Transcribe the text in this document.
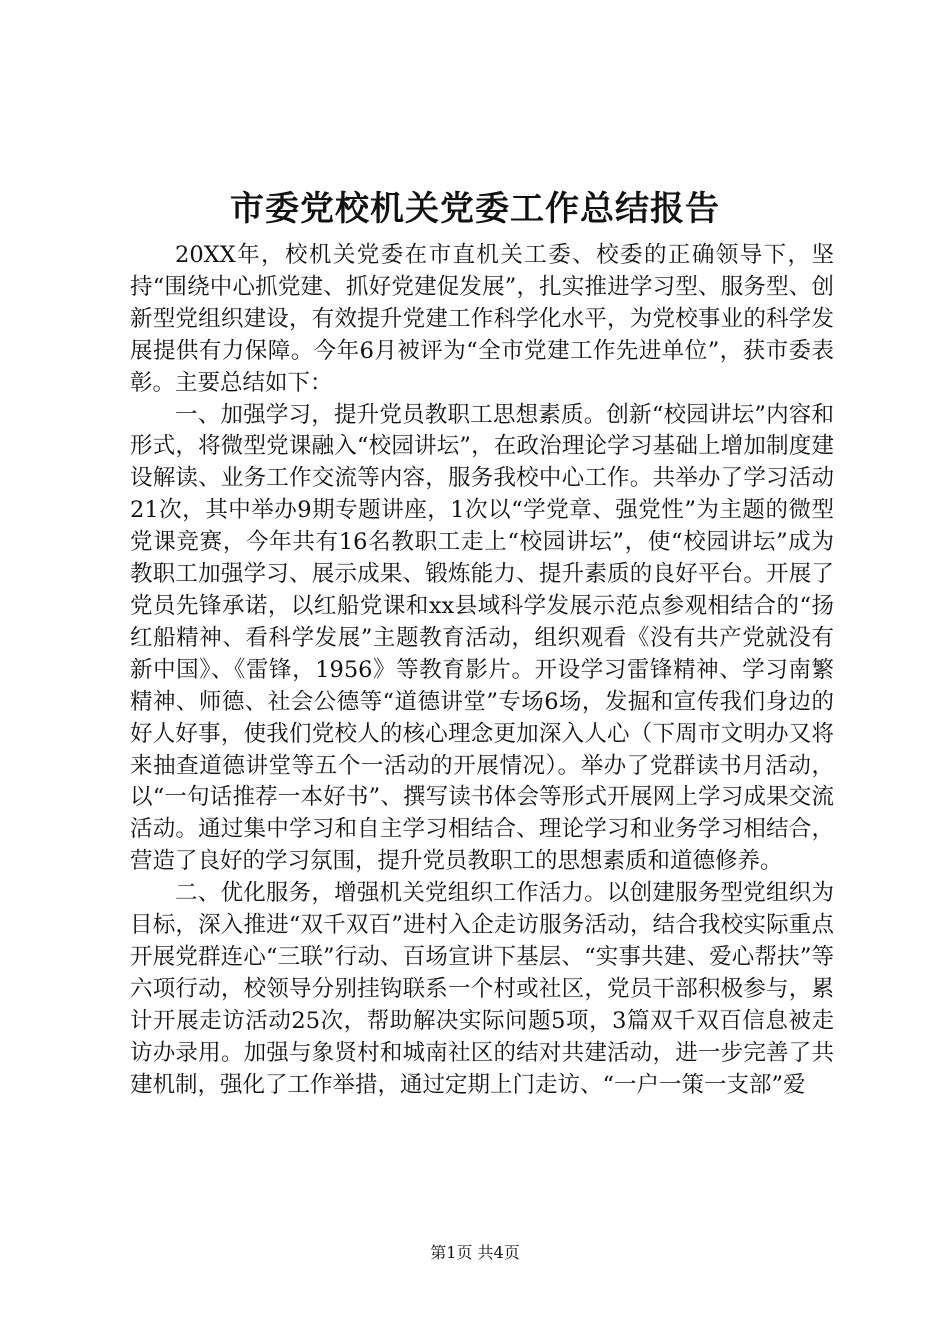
市委党校机关党委工作总结报告

20XX年，校机关党委在市直机关工委、校委的正确领导下，坚持“围绕中心抓党建、抓好党建促发展”，扎实推进学习型、服务型、创新型党组织建设，有效提升党建工作科学化水平，为党校事业的科学发展提供有力保障。今年6月被评为“全市党建工作先进单位”，获市委表彰。主要总结如下：

一、加强学习，提升党员教职工思想素质。创新“校园讲坛”内容和形式，将微型党课融入“校园讲坛”，在政治理论学习基础上增加制度建设解读、业务工作交流等内容，服务我校中心工作。共举办了学习活动21次，其中举办9期专题讲座，1次以“学党章、强党性”为主题的微型党课竞赛，今年共有16名教职工走上“校园讲坛”，使“校园讲坛”成为教职工加强学习、展示成果、锻炼能力、提升素质的良好平台。开展了党员先锋承诺，以红船党课和xx县域科学发展示范点参观相结合的“扬红船精神、看科学发展”主题教育活动，组织观看《没有共产党就没有新中国》、《雷锋，1956》等教育影片。开设学习雷锋精神、学习南繁精神、师德、社会公德等“道德讲堂”专场6场，发掘和宣传我们身边的好人好事，使我们党校人的核心理念更加深入人心（下周市文明办又将来抽查道德讲堂等五个一活动的开展情况）。举办了党群读书月活动，以“一句话推荐一本好书”、撰写读书体会等形式开展网上学习成果交流活动。通过集中学习和自主学习相结合、理论学习和业务学习相结合，营造了良好的学习氛围，提升党员教职工的思想素质和道德修养。

二、优化服务，增强机关党组织工作活力。以创建服务型党组织为目标，深入推进“双千双百”进村入企走访服务活动，结合我校实际重点开展党群连心“三联”行动、百场宣讲下基层、“实事共建、爱心帮扶”等六项行动，校领导分别挂钩联系一个村或社区，党员干部积极参与，累计开展走访活动25次，帮助解决实际问题5项，3篇双千双百信息被走访办录用。加强与象贤村和城南社区的结对共建活动，进一步完善了共建机制，强化了工作举措，通过定期上门走访、“一户一策一支部”爱

第1页 共4页
